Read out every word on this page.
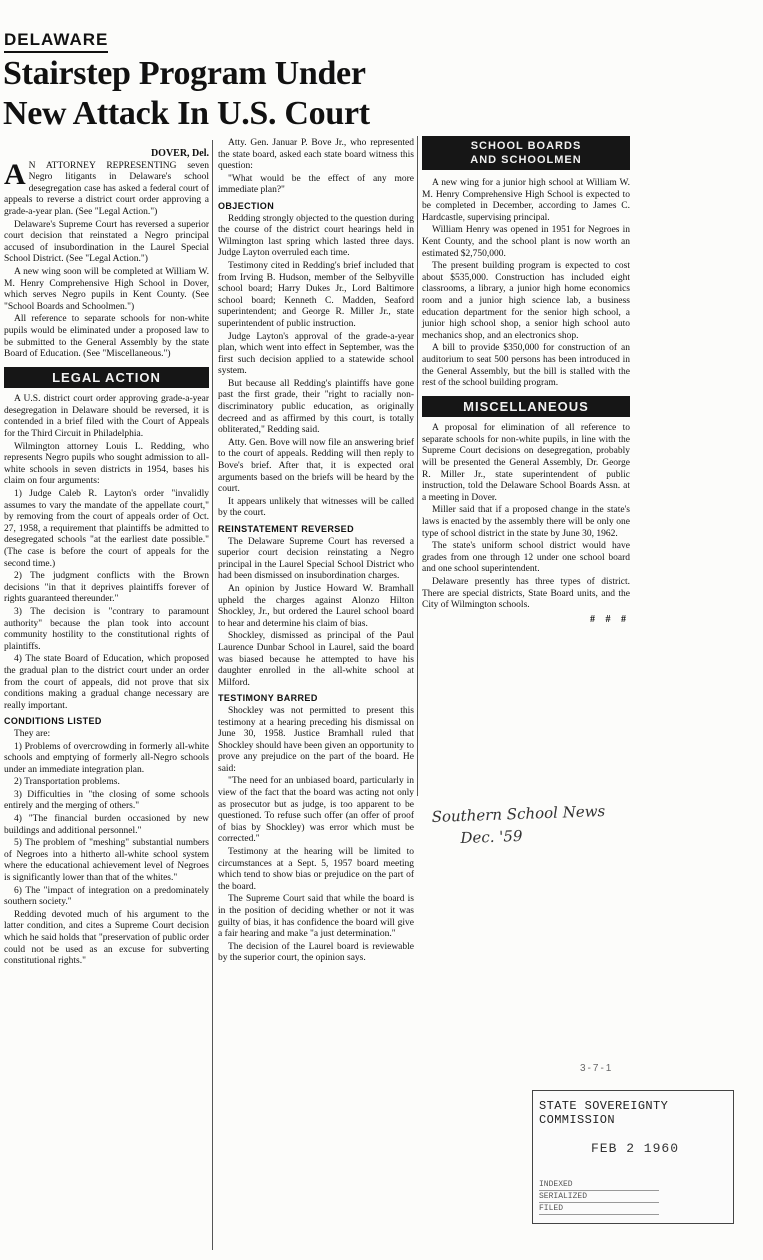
DELAWARE
Stairstep Program Under
New Attack In U.S. Court
DOVER, Del.

A N ATTORNEY REPRESENTING seven Negro litigants in Delaware's school desegregation case has asked a federal court of appeals to reverse a district court order approving a grade-a-year plan. (See "Legal Action.")

Delaware's Supreme Court has reversed a superior court decision that reinstated a Negro principal accused of insubordination in the Laurel Special School District. (See "Legal Action.")

A new wing soon will be completed at William W. M. Henry Comprehensive High School in Dover, which serves Negro pupils in Kent County. (See "School Boards and Schoolmen.")

All reference to separate schools for non-white pupils would be eliminated under a proposed law to be submitted to the General Assembly by the state Board of Education. (See "Miscellaneous.")

LEGAL ACTION

A U.S. district court order approving grade-a-year desegregation in Delaware should be reversed, it is contended in a brief filed with the Court of Appeals for the Third Circuit in Philadelphia.

Wilmington attorney Louis L. Redding, who represents Negro pupils who sought admission to all-white schools in seven districts in 1954, bases his claim on four arguments:

1) Judge Caleb R. Layton's order "invalidly assumes to vary the mandate of the appellate court," by removing from the court of appeals order of Oct. 27, 1958, a requirement that plaintiffs be admitted to desegregated schools "at the earliest date possible." (The case is before the court of appeals for the second time.)

2) The judgment conflicts with the Brown decisions "in that it deprives plaintiffs forever of rights guaranteed thereunder."

3) The decision is "contrary to paramount authority" because the plan took into account community hostility to the constitutional rights of plaintiffs.

4) The state Board of Education, which proposed the gradual plan to the district court under an order from the court of appeals, did not prove that six conditions making a gradual change necessary are really important.

CONDITIONS LISTED

They are:

1) Problems of overcrowding in formerly all-white schools and emptying of formerly all-Negro schools under an immediate integration plan.

2) Transportation problems.

3) Difficulties in "the closing of some schools entirely and the merging of others."

4) "The financial burden occasioned by new buildings and additional personnel."

5) The problem of "meshing" substantial numbers of Negroes into a hitherto all-white school system where the educational achievement level of Negroes is significantly lower than that of the whites."

6) The "impact of integration on a predominately southern society."

Redding devoted much of his argument to the latter condition, and cites a Supreme Court decision which he said holds that "preservation of public order could not be used as an excuse for subverting constitutional rights."

Atty. Gen. Januar P. Bove Jr., who represented the state board, asked each state board witness this question:

"What would be the effect of any more immediate plan?"

OBJECTION

Redding strongly objected to the question during the course of the district court hearings held in Wilmington last spring which lasted three days. Judge Layton overruled each time.

Testimony cited in Redding's brief included that from Irving B. Hudson, member of the Selbyville school board; Harry Dukes Jr., Lord Baltimore school board; Kenneth C. Madden, Seaford superintendent; and George R. Miller Jr., state superintendent of public instruction.

Judge Layton's approval of the grade-a-year plan, which went into effect in September, was the first such decision applied to a statewide school system.

But because all Redding's plaintiffs have gone past the first grade, their "right to racially non-discriminatory public education, as originally decreed and as affirmed by this court, is totally obliterated," Redding said.

Atty. Gen. Bove will now file an answering brief to the court of appeals. Redding will then reply to Bove's brief. After that, it is expected oral arguments based on the briefs will be heard by the court.

It appears unlikely that witnesses will be called by the court.

REINSTATEMENT REVERSED

The Delaware Supreme Court has reversed a superior court decision reinstating a Negro principal in the Laurel Special School District who had been dismissed on insubordination charges.

An opinion by Justice Howard W. Bramhall upheld the charges against Alonzo Hilton Shockley, Jr., but ordered the Laurel school board to hear and determine his claim of bias.

Shockley, dismissed as principal of the Paul Laurence Dunbar School in Laurel, said the board was biased because he attempted to have his daughter enrolled in the all-white school at Milford.

TESTIMONY BARRED

Shockley was not permitted to present this testimony at a hearing preceding his dismissal on June 30, 1958. Justice Bramhall ruled that Shockley should have been given an opportunity to prove any prejudice on the part of the board. He said:

"The need for an unbiased board, particularly in view of the fact that the board was acting not only as prosecutor but as judge, is too apparent to be questioned. To refuse such offer (an offer of proof of bias by Shockley) was error which must be corrected."

Testimony at the hearing will be limited to circumstances at a Sept. 5, 1957 board meeting which tend to show bias or prejudice on the part of the board.

The Supreme Court said that while the board is in the position of deciding whether or not it was guilty of bias, it has confidence the board will give a fair hearing and make "a just determination."

The decision of the Laurel board is reviewable by the superior court, the opinion says.

SCHOOL BOARDS
AND SCHOOLMEN

A new wing for a junior high school at William W. M. Henry Comprehensive High School is expected to be completed in December, according to James C. Hardcastle, supervising principal.

William Henry was opened in 1951 for Negroes in Kent County, and the school plant is now worth an estimated $2,750,000.

The present building program is expected to cost about $535,000. Construction has included eight classrooms, a library, a junior high home economics room and a junior high science lab, a business education department for the senior high school, a junior high school shop, a senior high school auto mechanics shop, and an electronics shop.

A bill to provide $350,000 for construction of an auditorium to seat 500 persons has been introduced in the General Assembly, but the bill is stalled with the rest of the school building program.

MISCELLANEOUS

A proposal for elimination of all reference to separate schools for non-white pupils, in line with the Supreme Court decisions on desegregation, probably will be presented the General Assembly, Dr. George R. Miller Jr., state superintendent of public instruction, told the Delaware School Boards Assn. at a meeting in Dover.

Miller said that if a proposed change in the state's laws is enacted by the assembly there will be only one type of school district in the state by June 30, 1962.

The state's uniform school district would have grades from one through 12 under one school board and one school superintendent.

Delaware presently has three types of district. There are special districts, State Board units, and the City of Wilmington schools.

# # #
Southern School News
Dec. '59
3-7-1
STATE SOVEREIGNTY COMMISSION
FEB 2 1960
INDEXED
SERIALIZED
FILED
